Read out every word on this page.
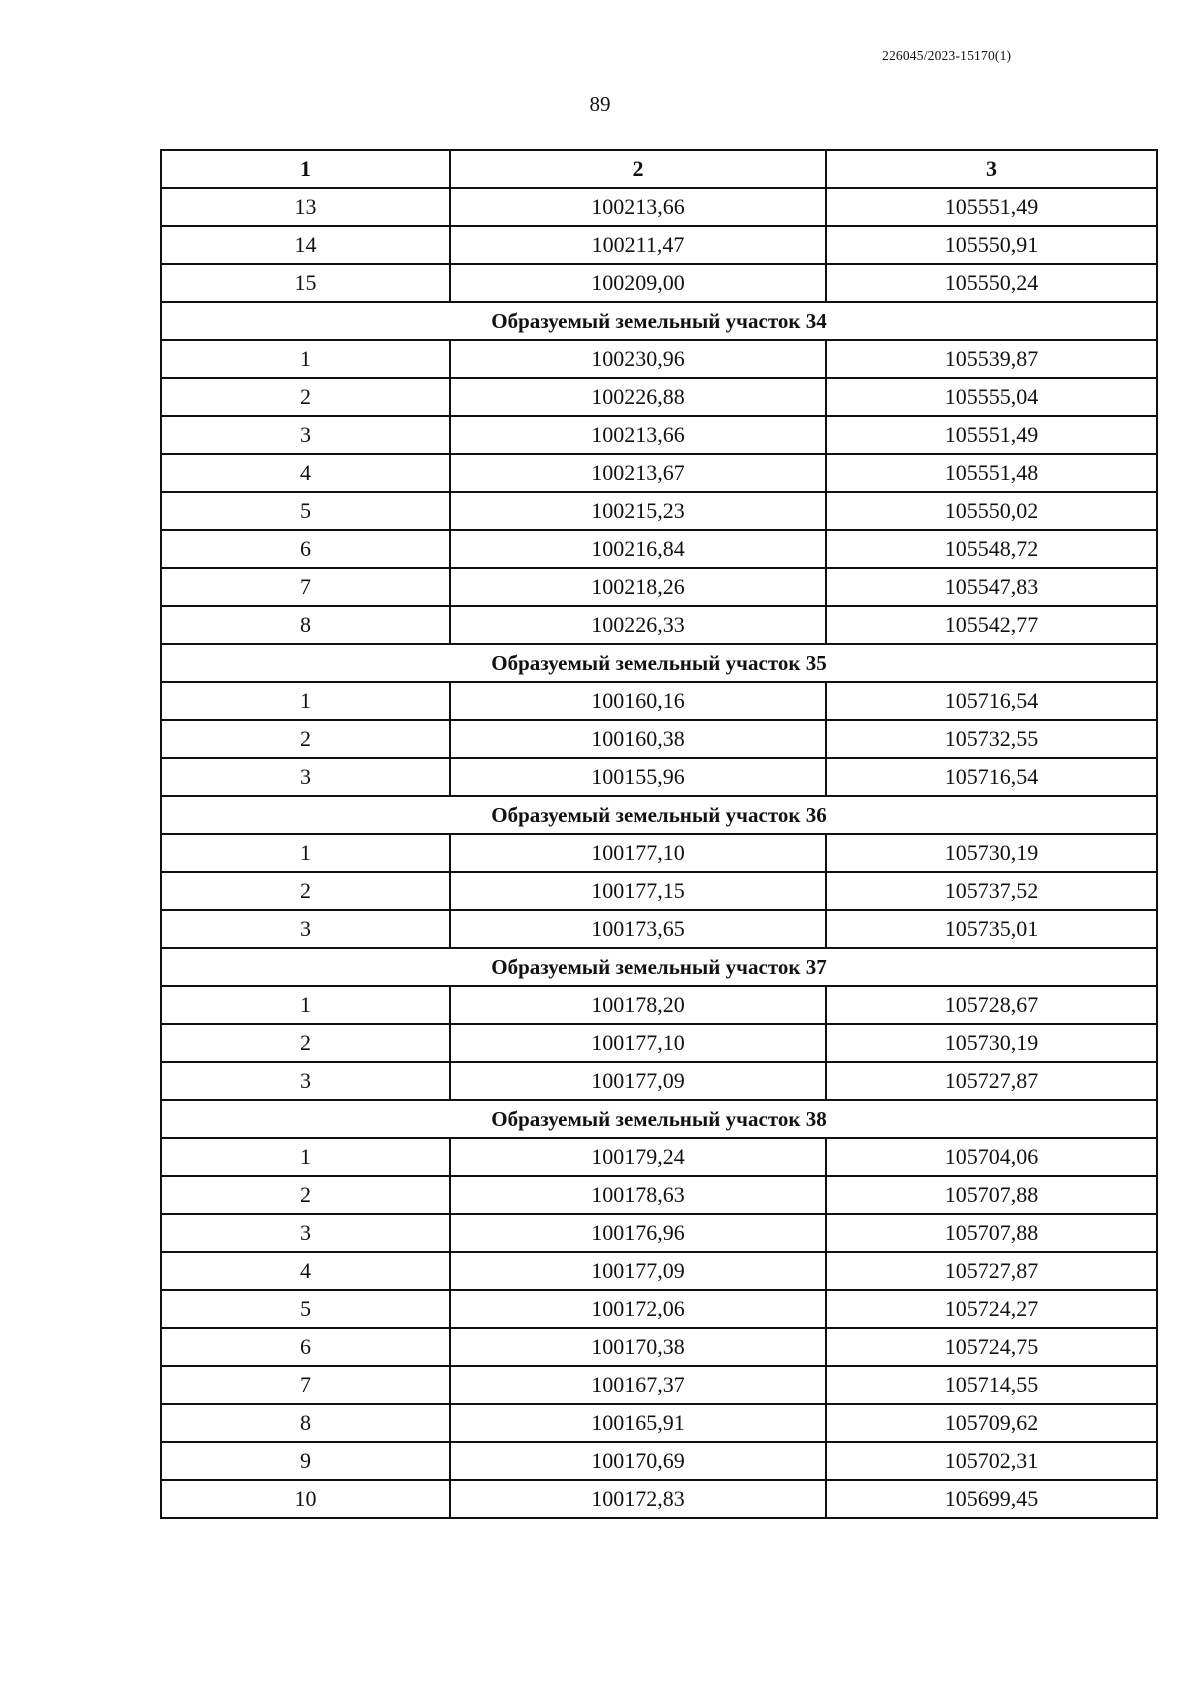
226045/2023-15170(1)
89
1	2	3
13	100213,66	105551,49
14	100211,47	105550,91
15	100209,00	105550,24
Образуемый земельный участок 34		
1	100230,96	105539,87
2	100226,88	105555,04
3	100213,66	105551,49
4	100213,67	105551,48
5	100215,23	105550,02
6	100216,84	105548,72
7	100218,26	105547,83
8	100226,33	105542,77
Образуемый земельный участок 35		
1	100160,16	105716,54
2	100160,38	105732,55
3	100155,96	105716,54
Образуемый земельный участок 36		
1	100177,10	105730,19
2	100177,15	105737,52
3	100173,65	105735,01
Образуемый земельный участок 37		
1	100178,20	105728,67
2	100177,10	105730,19
3	100177,09	105727,87
Образуемый земельный участок 38		
1	100179,24	105704,06
2	100178,63	105707,88
3	100176,96	105707,88
4	100177,09	105727,87
5	100172,06	105724,27
6	100170,38	105724,75
7	100167,37	105714,55
8	100165,91	105709,62
9	100170,69	105702,31
10	100172,83	105699,45
